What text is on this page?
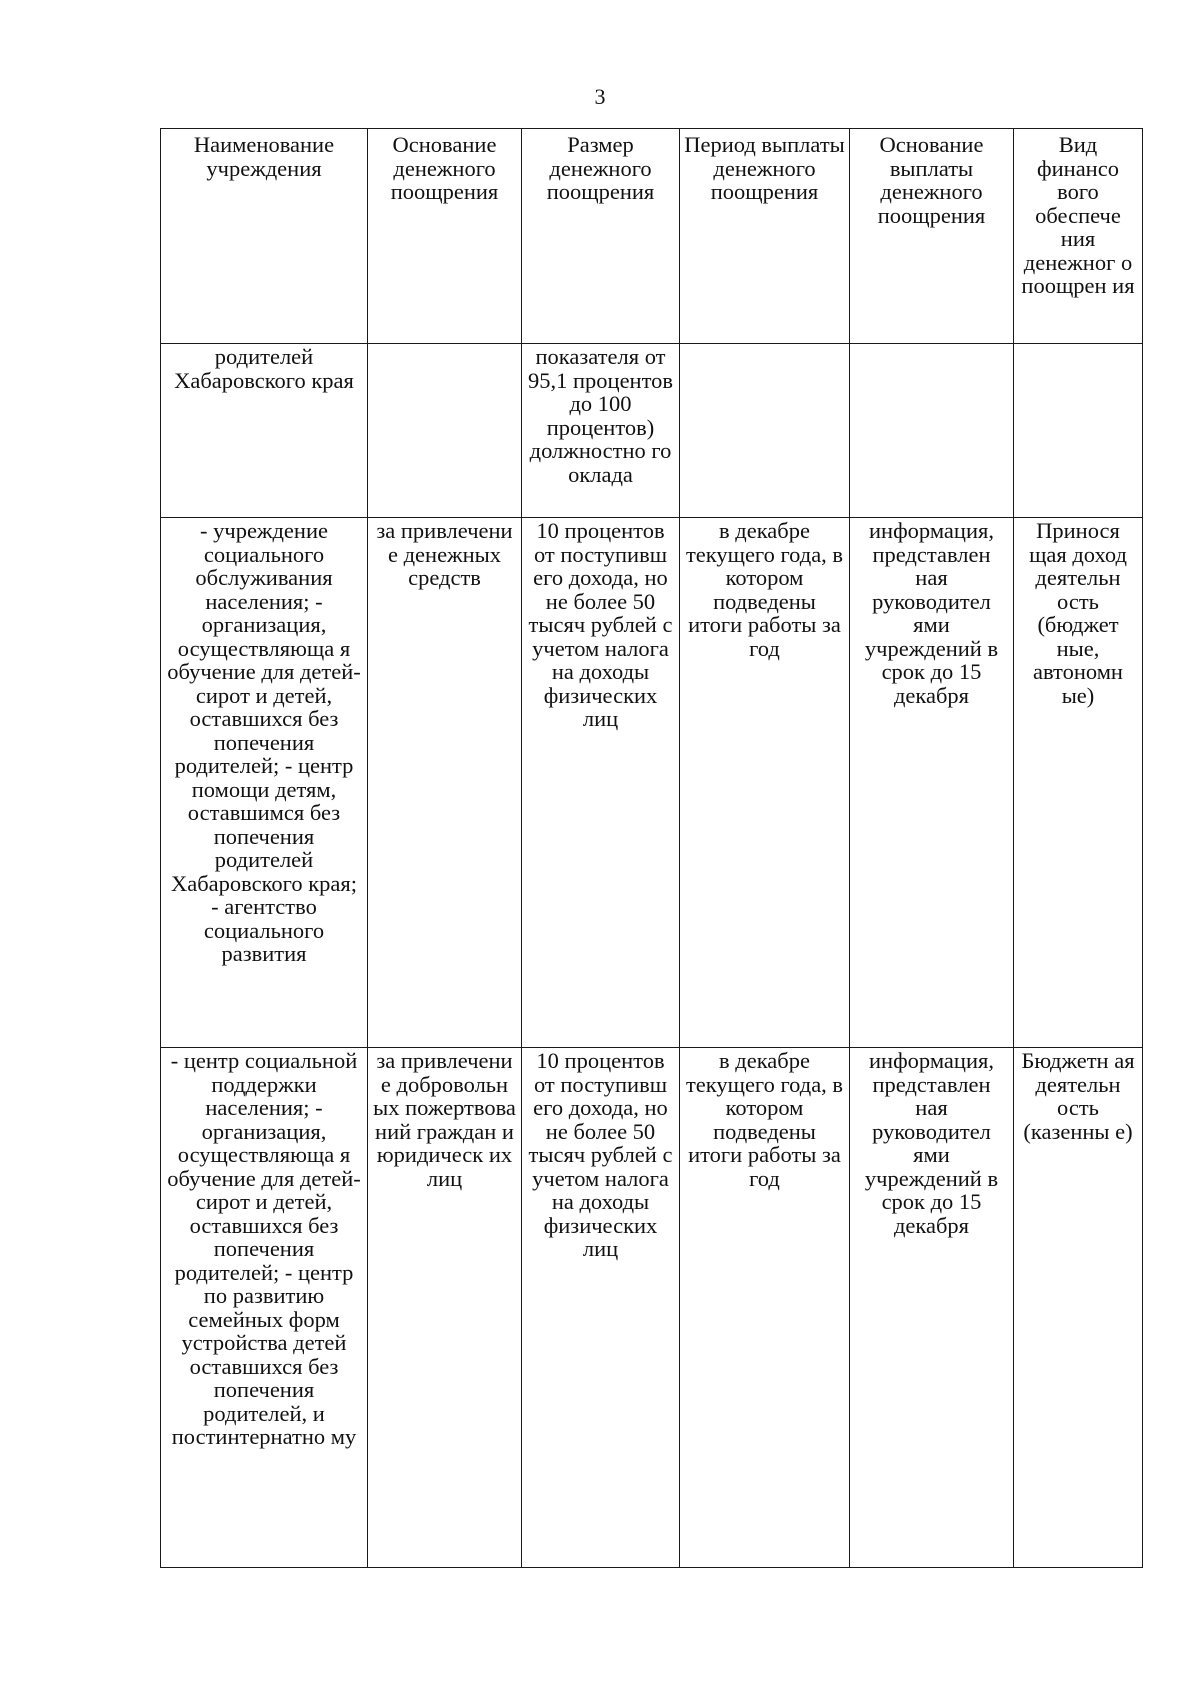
3
Наименование учреждения	Основание денежного поощрения	Размер денежного поощрения	Период выплаты денежного поощрения	Основание выплаты денежного поощрения	Вид финансо вого обеспече ния денежног о поощрен ия
родителей Хабаровского края		показателя от 95,1 процентов до 100 процентов) должностно го оклада			
- учреждение социального обслуживания населения; - организация, осуществляюща я обучение для детей-сирот и детей, оставшихся без попечения родителей; - центр помощи детям, оставшимся без попечения родителей Хабаровского края; - агентство социального развития	за привлечени е денежных средств	10 процентов от поступивш его дохода, но не более 50 тысяч рублей с учетом налога на доходы физических лиц	в декабре текущего года, в котором подведены итоги работы за год	информация, представлен ная руководител ями учреждений в срок до 15 декабря	Принося щая доход деятельн ость (бюджет ные, автономн ые)
- центр социальной поддержки населения; - организация, осуществляюща я обучение для детей-сирот и детей, оставшихся без попечения родителей; - центр по развитию семейных форм устройства детей оставшихся без попечения родителей, и постинтернатно му	за привлечени е добровольн ых пожертвова ний граждан и юридическ их лиц	10 процентов от поступивш его дохода, но не более 50 тысяч рублей с учетом налога на доходы физических лиц	в декабре текущего года, в котором подведены итоги работы за год	информация, представлен ная руководител ями учреждений в срок до 15 декабря	Бюджетн ая деятельн ость (казенны е)
